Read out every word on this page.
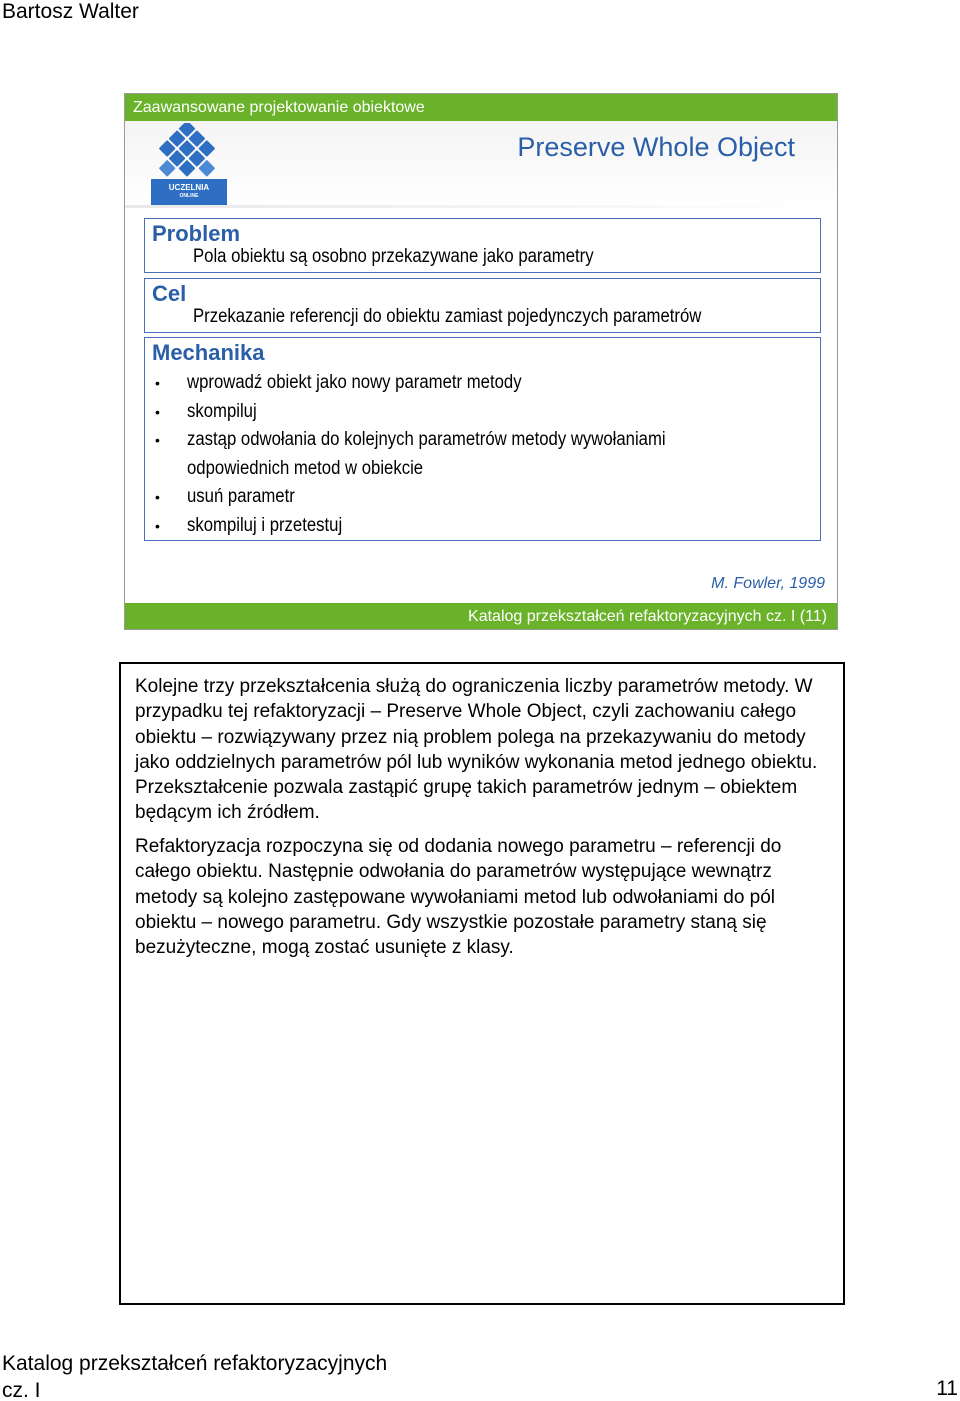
Bartosz Walter
Zaawansowane projektowanie obiektowe
UCZELNIA
ONLINE
Preserve Whole Object
Problem
Pola obiektu są osobno przekazywane jako parametry
Cel
Przekazanie referencji do obiektu zamiast pojedynczych parametrów
Mechanika
• wprowadź obiekt jako nowy parametr metody
• skompiluj
• zastąp odwołania do kolejnych parametrów metody wywołaniami
odpowiednich metod w obiekcie
• usuń parametr
• skompiluj i przetestuj
M. Fowler, 1999
Katalog przekształceń refaktoryzacyjnych cz. I (11)

Kolejne trzy przekształcenia służą do ograniczenia liczby parametrów metody. W przypadku tej refaktoryzacji – Preserve Whole Object, czyli zachowaniu całego obiektu – rozwiązywany przez nią problem polega na przekazywaniu do metody jako oddzielnych parametrów pól lub wyników wykonania metod jednego obiektu. Przekształcenie pozwala zastąpić grupę takich parametrów jednym – obiektem będącym ich źródłem.

Refaktoryzacja rozpoczyna się od dodania nowego parametru – referencji do całego obiektu. Następnie odwołania do parametrów występujące wewnątrz metody są kolejno zastępowane wywołaniami metod lub odwołaniami do pól obiektu – nowego parametru. Gdy wszystkie pozostałe parametry staną się bezużyteczne, mogą zostać usunięte z klasy.

Katalog przekształceń refaktoryzacyjnych
cz. I	11
